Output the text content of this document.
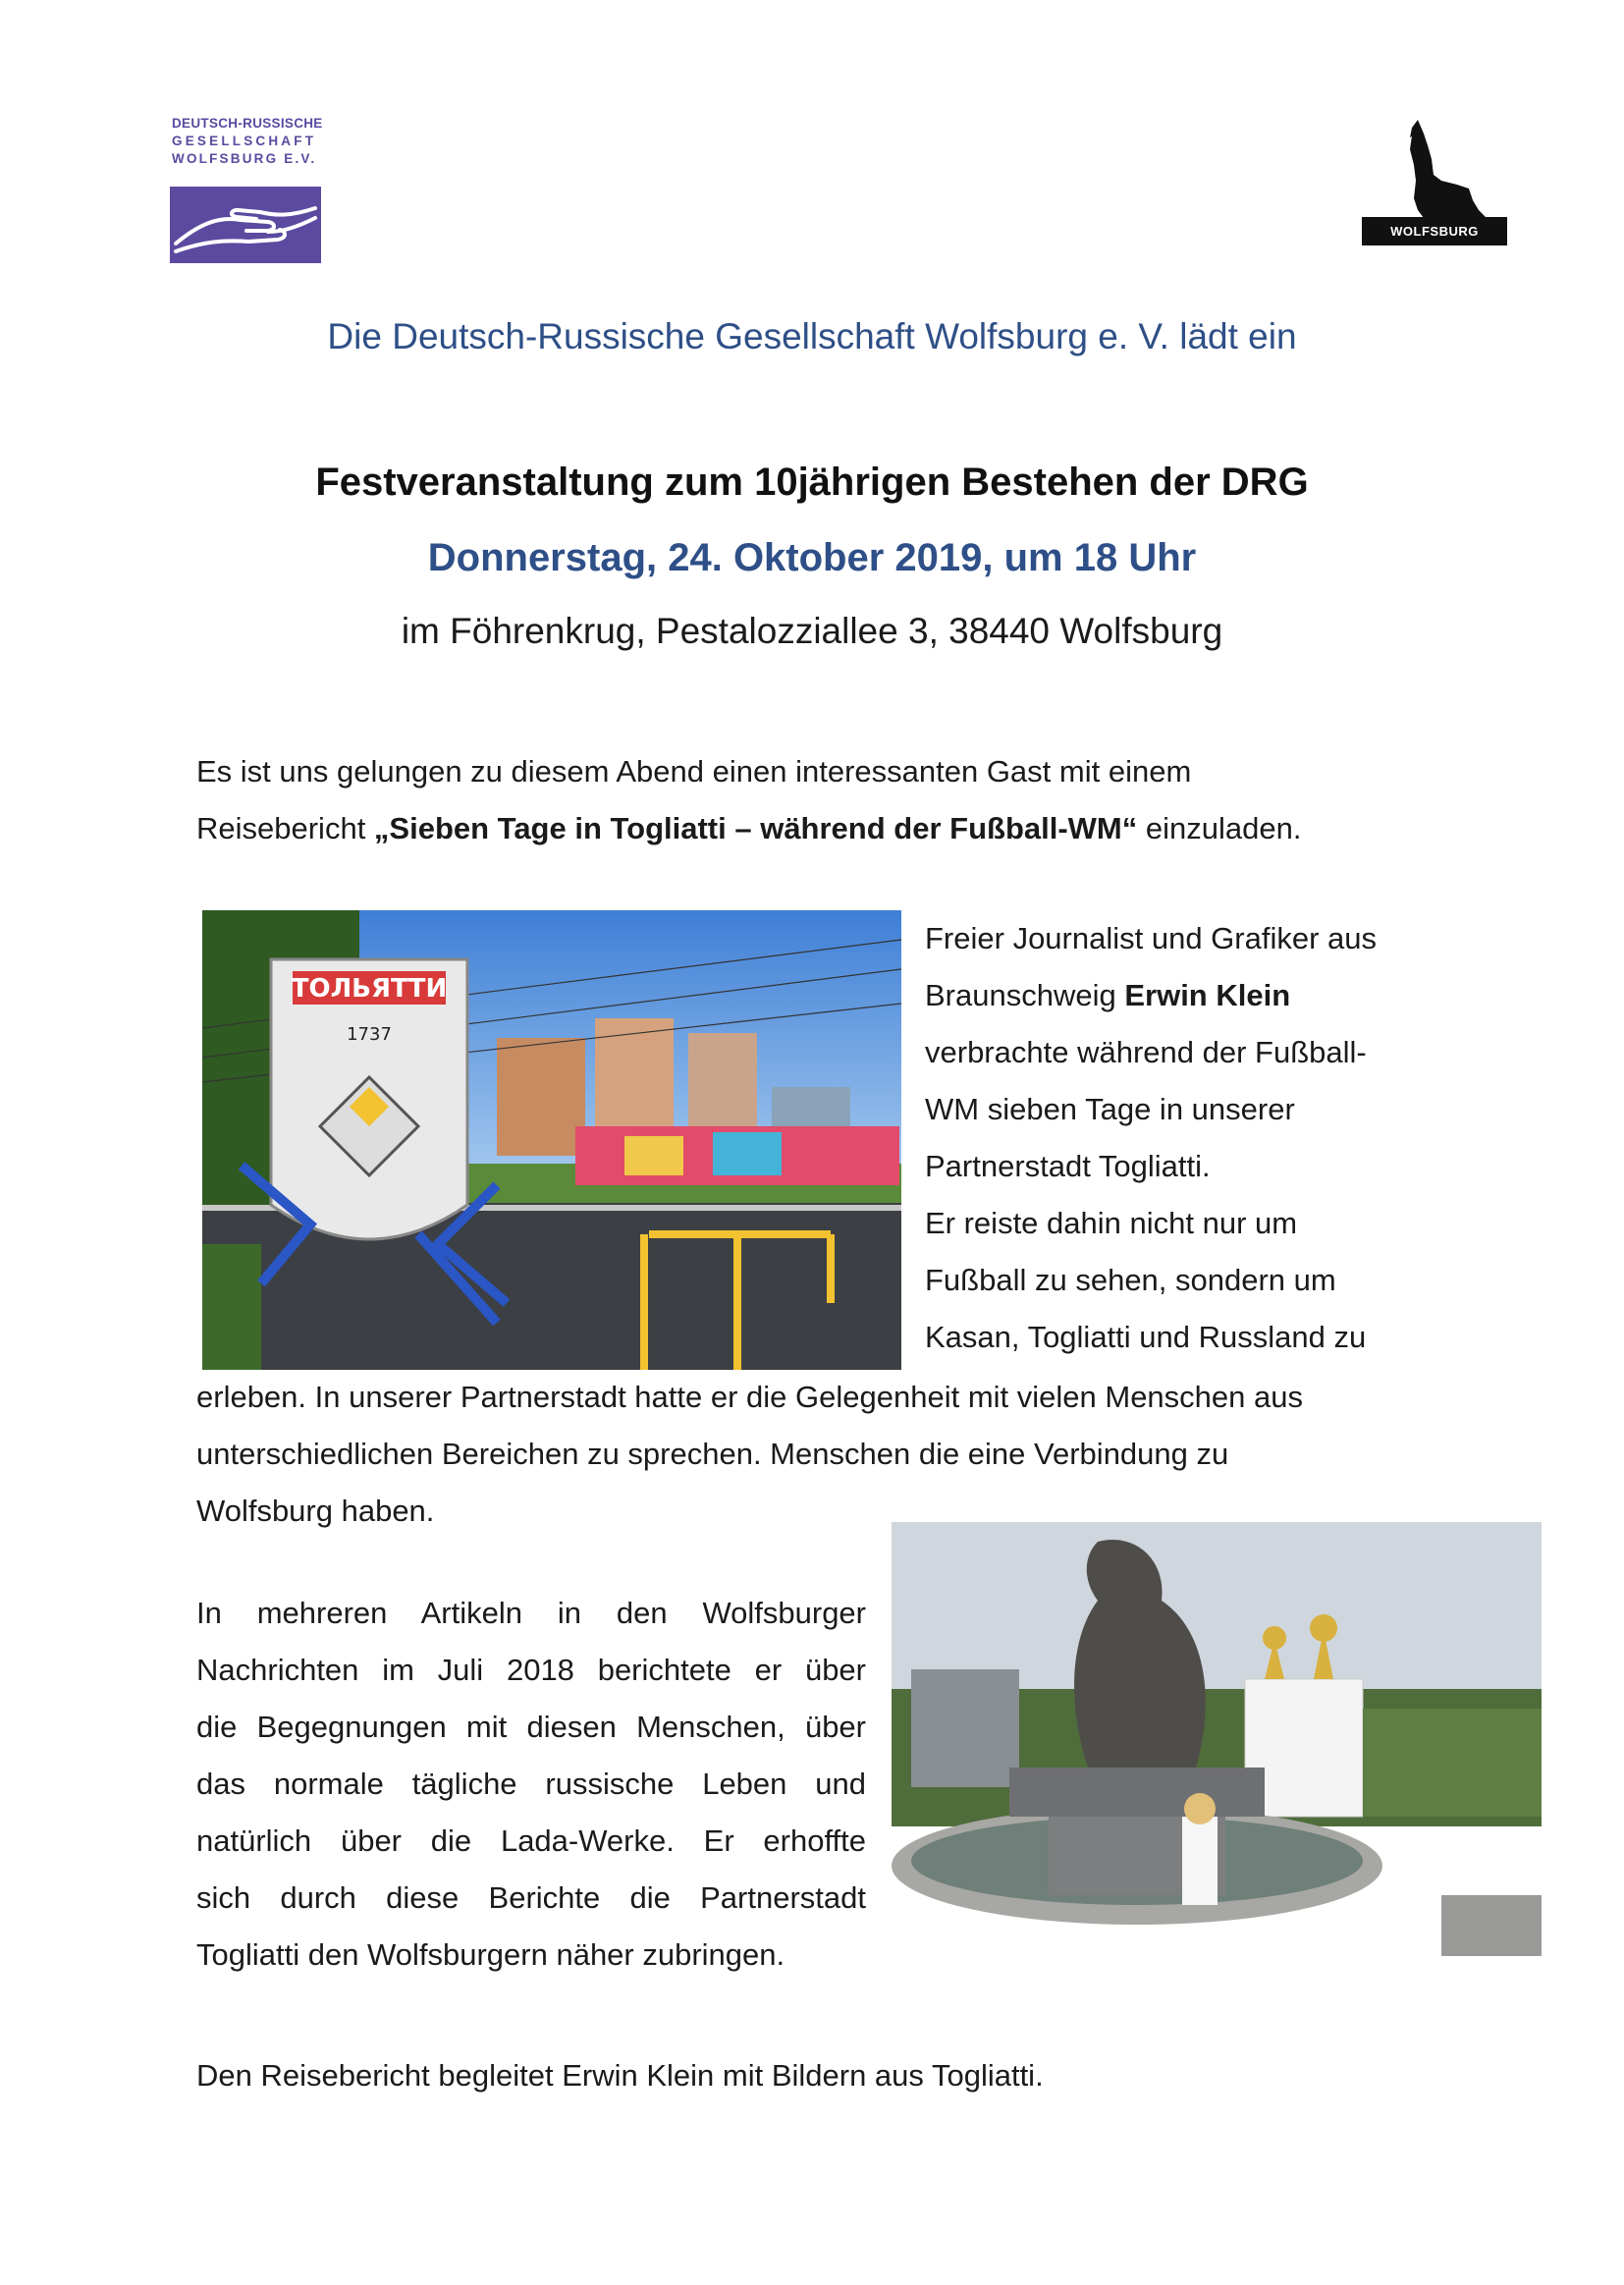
DEUTSCH-RUSSISCHE
GESELLSCHAFT
WOLFSBURG E.V.
WOLFSBURG
Die Deutsch-Russische Gesellschaft Wolfsburg e. V. lädt ein
Festveranstaltung zum 10jährigen Bestehen der DRG
Donnerstag, 24. Oktober 2019, um 18 Uhr
im Föhrenkrug, Pestalozziallee 3, 38440 Wolfsburg
Es ist uns gelungen zu diesem Abend einen interessanten Gast mit einem
Reisebericht „Sieben Tage in Togliatti – während der Fußball-WM“ einzuladen.
ТОЛЬЯТТИ
1737
Freier Journalist und Grafiker aus
Braunschweig Erwin Klein
verbrachte während der Fußball-
WM sieben Tage in unserer
Partnerstadt Togliatti.
Er reiste dahin nicht nur um
Fußball zu sehen, sondern um
Kasan, Togliatti und Russland zu
erleben. In unserer Partnerstadt hatte er die Gelegenheit mit vielen Menschen aus
unterschiedlichen Bereichen zu sprechen. Menschen die eine Verbindung zu
Wolfsburg haben.
In mehreren Artikeln in den Wolfsburger
Nachrichten im Juli 2018 berichtete er über
die Begegnungen mit diesen Menschen, über
das normale tägliche russische Leben und
natürlich über die Lada-Werke. Er erhoffte
sich durch diese Berichte die Partnerstadt
Togliatti den Wolfsburgern näher zubringen.
Den Reisebericht begleitet Erwin Klein mit Bildern aus Togliatti.
